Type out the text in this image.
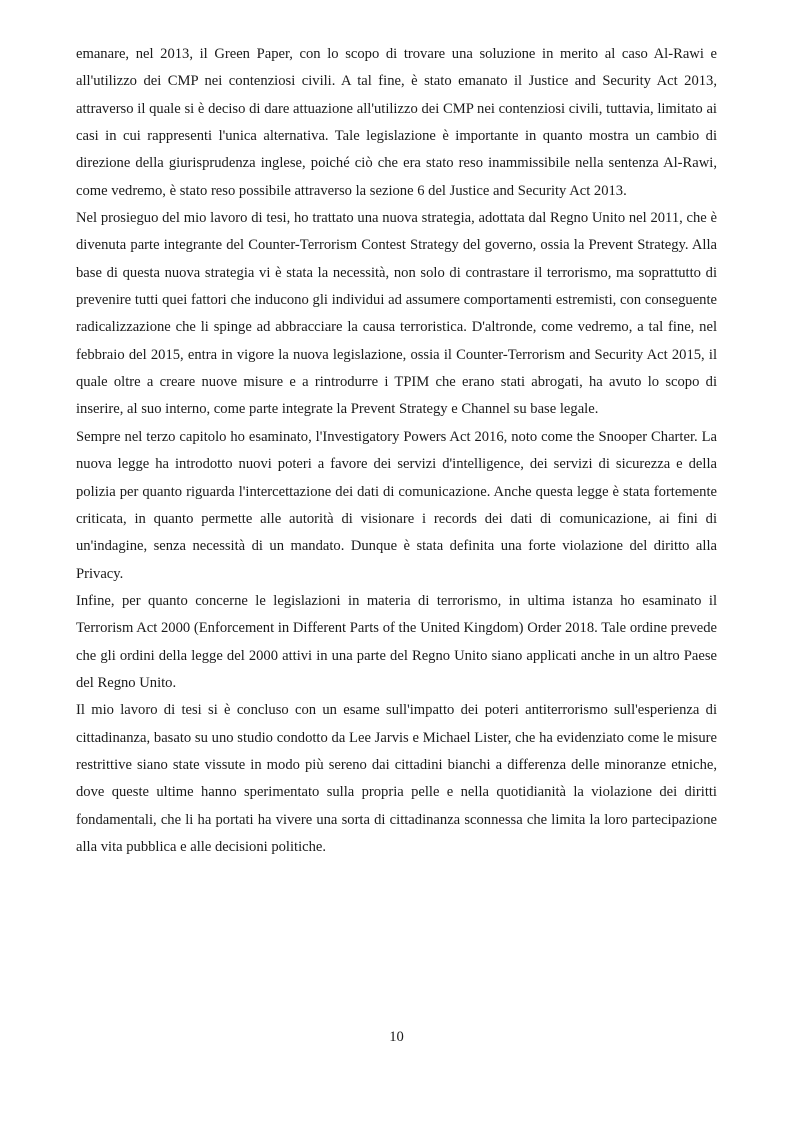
emanare, nel 2013, il Green Paper, con lo scopo di trovare una soluzione in merito al caso Al-Rawi e all'utilizzo dei CMP nei contenziosi civili. A tal fine, è stato emanato il Justice and Security Act 2013, attraverso il quale si è deciso di dare attuazione all'utilizzo dei CMP nei contenziosi civili, tuttavia, limitato ai casi in cui rappresenti l'unica alternativa. Tale legislazione è importante in quanto mostra un cambio di direzione della giurisprudenza inglese, poiché ciò che era stato reso inammissibile nella sentenza Al-Rawi, come vedremo, è stato reso possibile attraverso la sezione 6 del Justice and Security Act 2013.

Nel prosieguo del mio lavoro di tesi, ho trattato una nuova strategia, adottata dal Regno Unito nel 2011, che è divenuta parte integrante del Counter-Terrorism Contest Strategy del governo, ossia la Prevent Strategy. Alla base di questa nuova strategia vi è stata la necessità, non solo di contrastare il terrorismo, ma soprattutto di prevenire tutti quei fattori che inducono gli individui ad assumere comportamenti estremisti, con conseguente radicalizzazione che li spinge ad abbracciare la causa terroristica. D'altronde, come vedremo, a tal fine, nel febbraio del 2015, entra in vigore la nuova legislazione, ossia il Counter-Terrorism and Security Act 2015, il quale oltre a creare nuove misure e a rintrodurre i TPIM che erano stati abrogati, ha avuto lo scopo di inserire, al suo interno, come parte integrate la Prevent Strategy e Channel su base legale.

Sempre nel terzo capitolo ho esaminato, l'Investigatory Powers Act 2016, noto come the Snooper Charter. La nuova legge ha introdotto nuovi poteri a favore dei servizi d'intelligence, dei servizi di sicurezza e della polizia per quanto riguarda l'intercettazione dei dati di comunicazione. Anche questa legge è stata fortemente criticata, in quanto permette alle autorità di visionare i records dei dati di comunicazione, ai fini di un'indagine, senza necessità di un mandato. Dunque è stata definita una forte violazione del diritto alla Privacy.

Infine, per quanto concerne le legislazioni in materia di terrorismo, in ultima istanza ho esaminato il Terrorism Act 2000 (Enforcement in Different Parts of the United Kingdom) Order 2018. Tale ordine prevede che gli ordini della legge del 2000 attivi in una parte del Regno Unito siano applicati anche in un altro Paese del Regno Unito.

Il mio lavoro di tesi si è concluso con un esame sull'impatto dei poteri antiterrorismo sull'esperienza di cittadinanza, basato su uno studio condotto da Lee Jarvis e Michael Lister, che ha evidenziato come le misure restrittive siano state vissute in modo più sereno dai cittadini bianchi a differenza delle minoranze etniche, dove queste ultime hanno sperimentato sulla propria pelle e nella quotidianità la violazione dei diritti fondamentali, che li ha portati ha vivere una sorta di cittadinanza sconnessa che limita la loro partecipazione alla vita pubblica e alle decisioni politiche.

10
